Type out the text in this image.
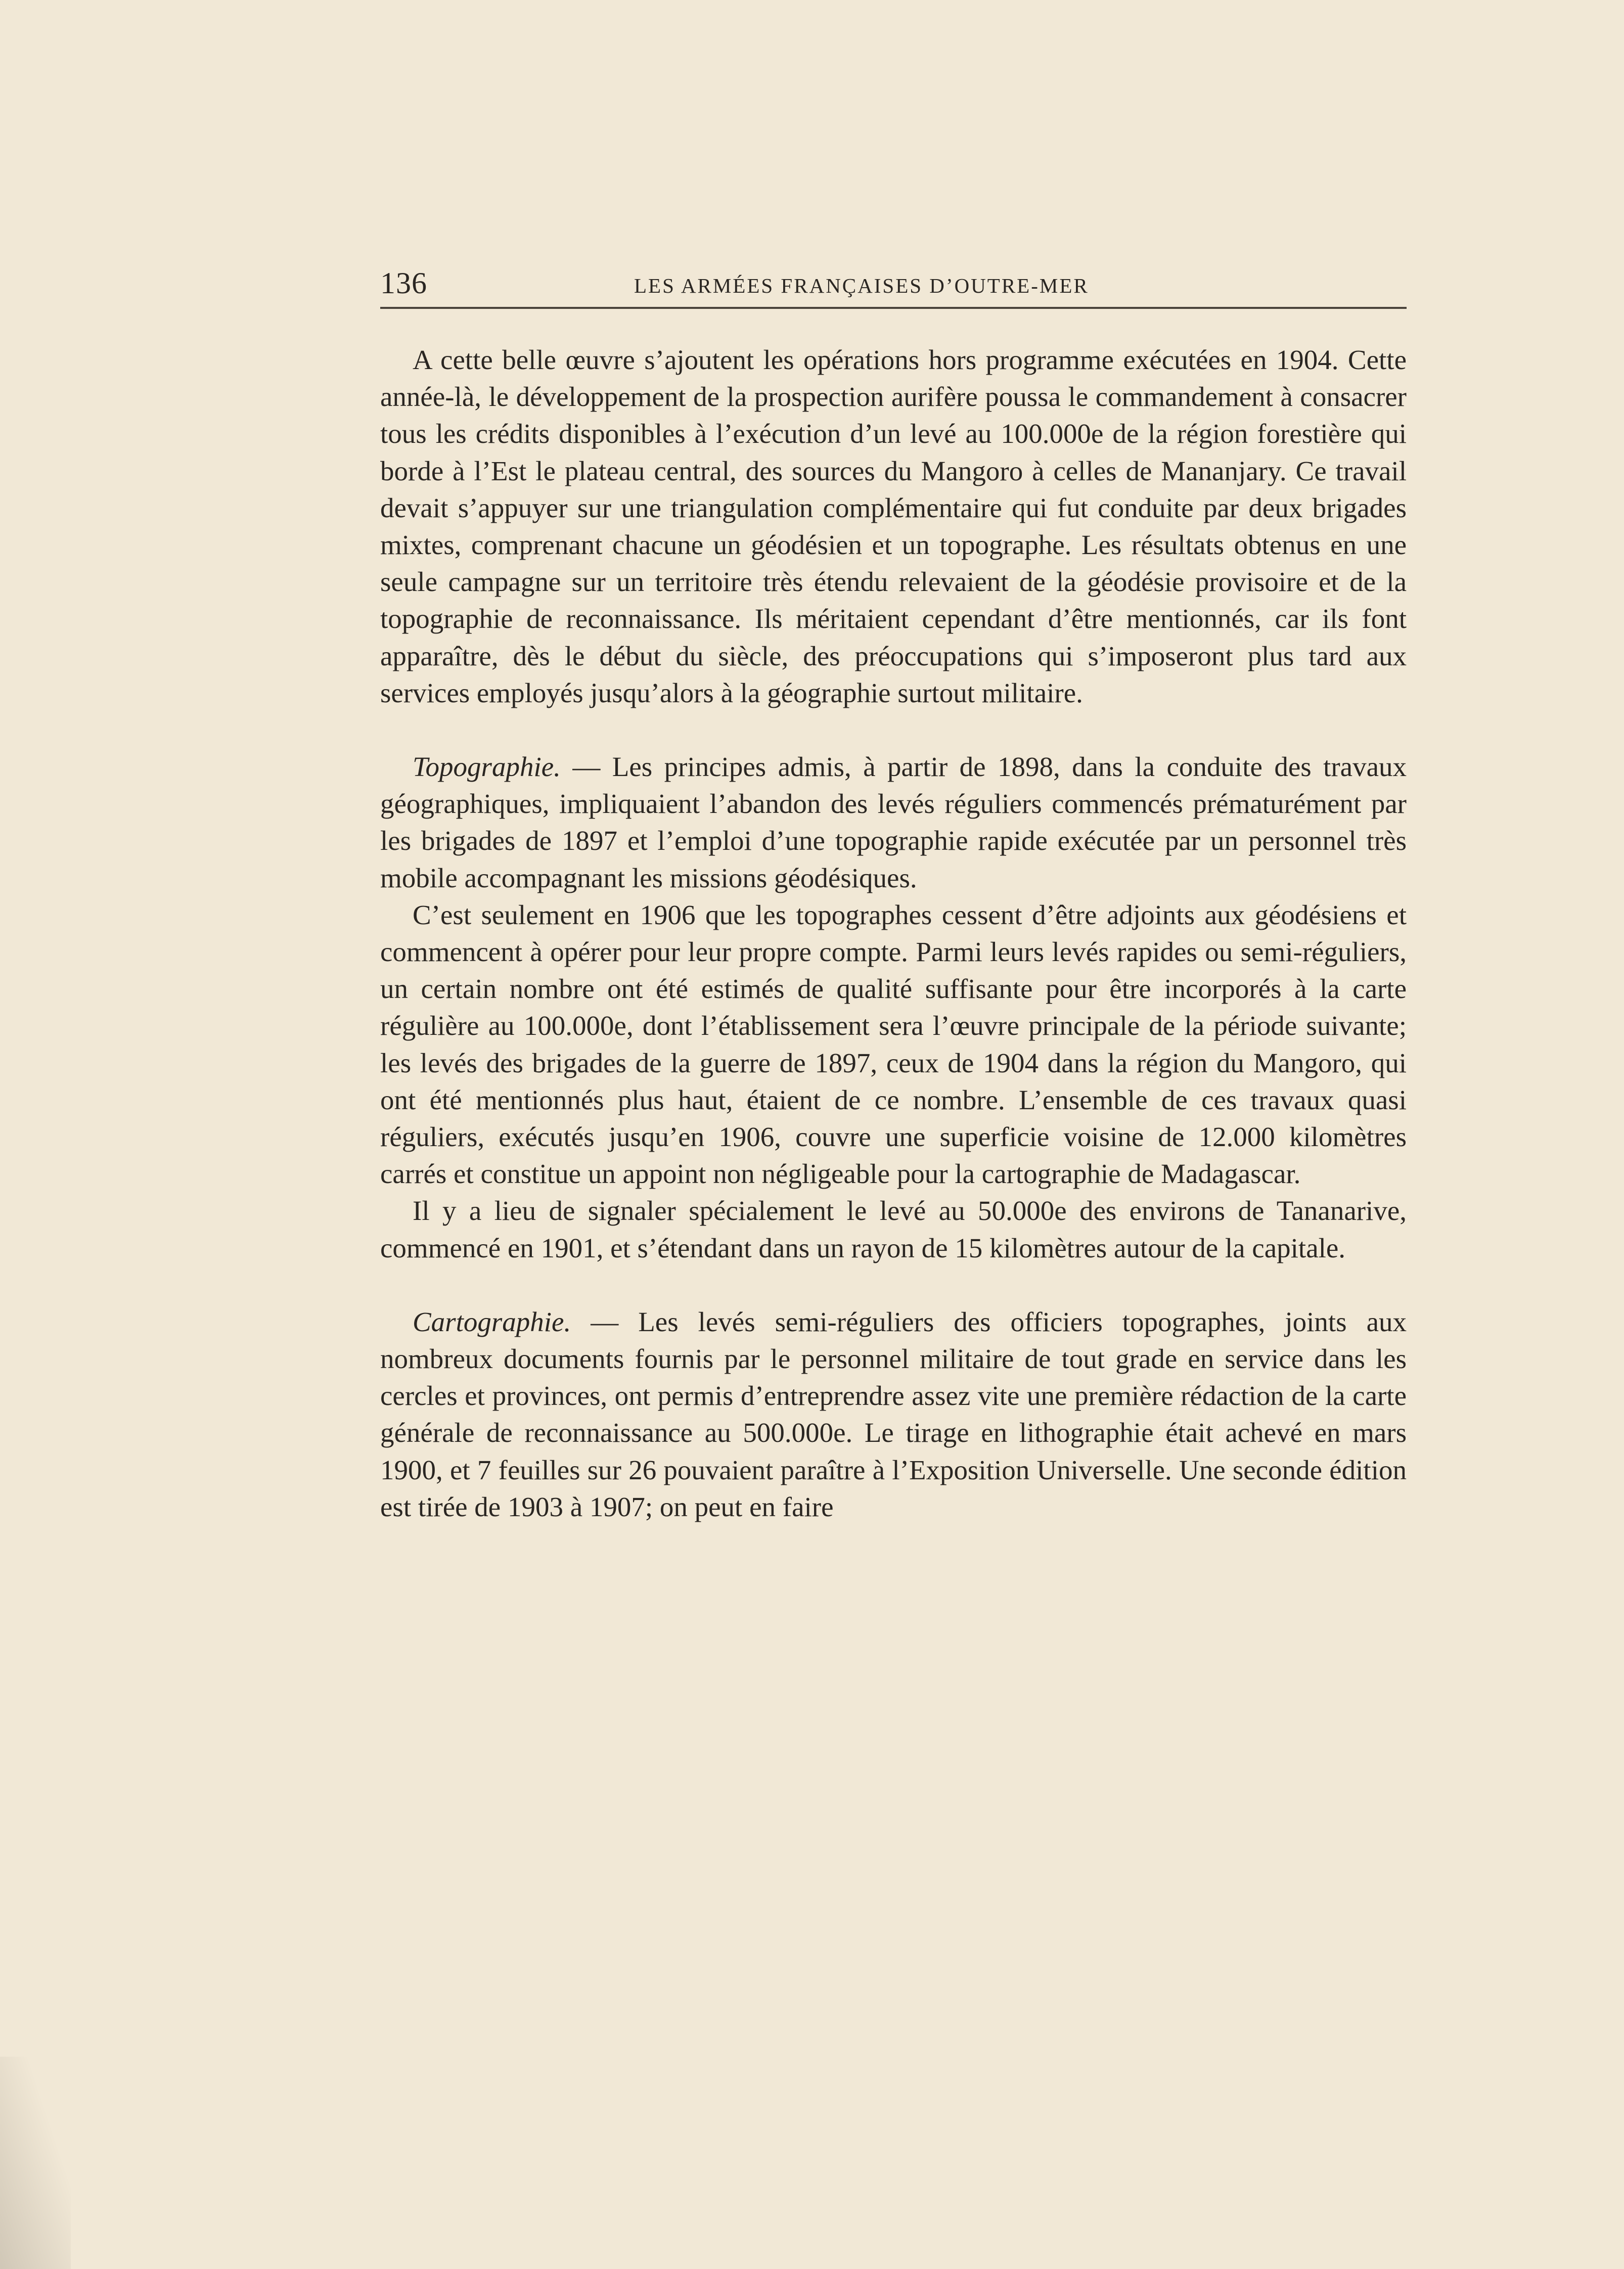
136	LES ARMÉES FRANÇAISES D’OUTRE-MER

A cette belle œuvre s’ajoutent les opérations hors programme exécutées en 1904. Cette année-là, le développement de la prospection aurifère poussa le commandement à consacrer tous les crédits disponibles à l’exécution d’un levé au 100.000e de la région forestière qui borde à l’Est le plateau central, des sources du Mangoro à celles de Mananjary. Ce travail devait s’appuyer sur une triangulation complémentaire qui fut conduite par deux brigades mixtes, comprenant chacune un géodésien et un topographe. Les résultats obtenus en une seule campagne sur un territoire très étendu relevaient de la géodésie provisoire et de la topographie de reconnaissance. Ils méritaient cependant d’être mentionnés, car ils font apparaître, dès le début du siècle, des préoccupations qui s’imposeront plus tard aux services employés jusqu’alors à la géographie surtout militaire.

Topographie. — Les principes admis, à partir de 1898, dans la conduite des travaux géographiques, impliquaient l’abandon des levés réguliers commencés prématurément par les brigades de 1897 et l’emploi d’une topographie rapide exécutée par un personnel très mobile accompagnant les missions géodésiques.

C’est seulement en 1906 que les topographes cessent d’être adjoints aux géodésiens et commencent à opérer pour leur propre compte. Parmi leurs levés rapides ou semi-réguliers, un certain nombre ont été estimés de qualité suffisante pour être incorporés à la carte régulière au 100.000e, dont l’établissement sera l’œuvre principale de la période suivante; les levés des brigades de la guerre de 1897, ceux de 1904 dans la région du Mangoro, qui ont été mentionnés plus haut, étaient de ce nombre. L’ensemble de ces travaux quasi réguliers, exécutés jusqu’en 1906, couvre une superficie voisine de 12.000 kilomètres carrés et constitue un appoint non négligeable pour la cartographie de Madagascar.

Il y a lieu de signaler spécialement le levé au 50.000e des environs de Tananarive, commencé en 1901, et s’étendant dans un rayon de 15 kilomètres autour de la capitale.

Cartographie. — Les levés semi-réguliers des officiers topographes, joints aux nombreux documents fournis par le personnel militaire de tout grade en service dans les cercles et provinces, ont permis d’entreprendre assez vite une première rédaction de la carte générale de reconnaissance au 500.000e. Le tirage en lithographie était achevé en mars 1900, et 7 feuilles sur 26 pouvaient paraître à l’Exposition Universelle. Une seconde édition est tirée de 1903 à 1907; on peut en faire
